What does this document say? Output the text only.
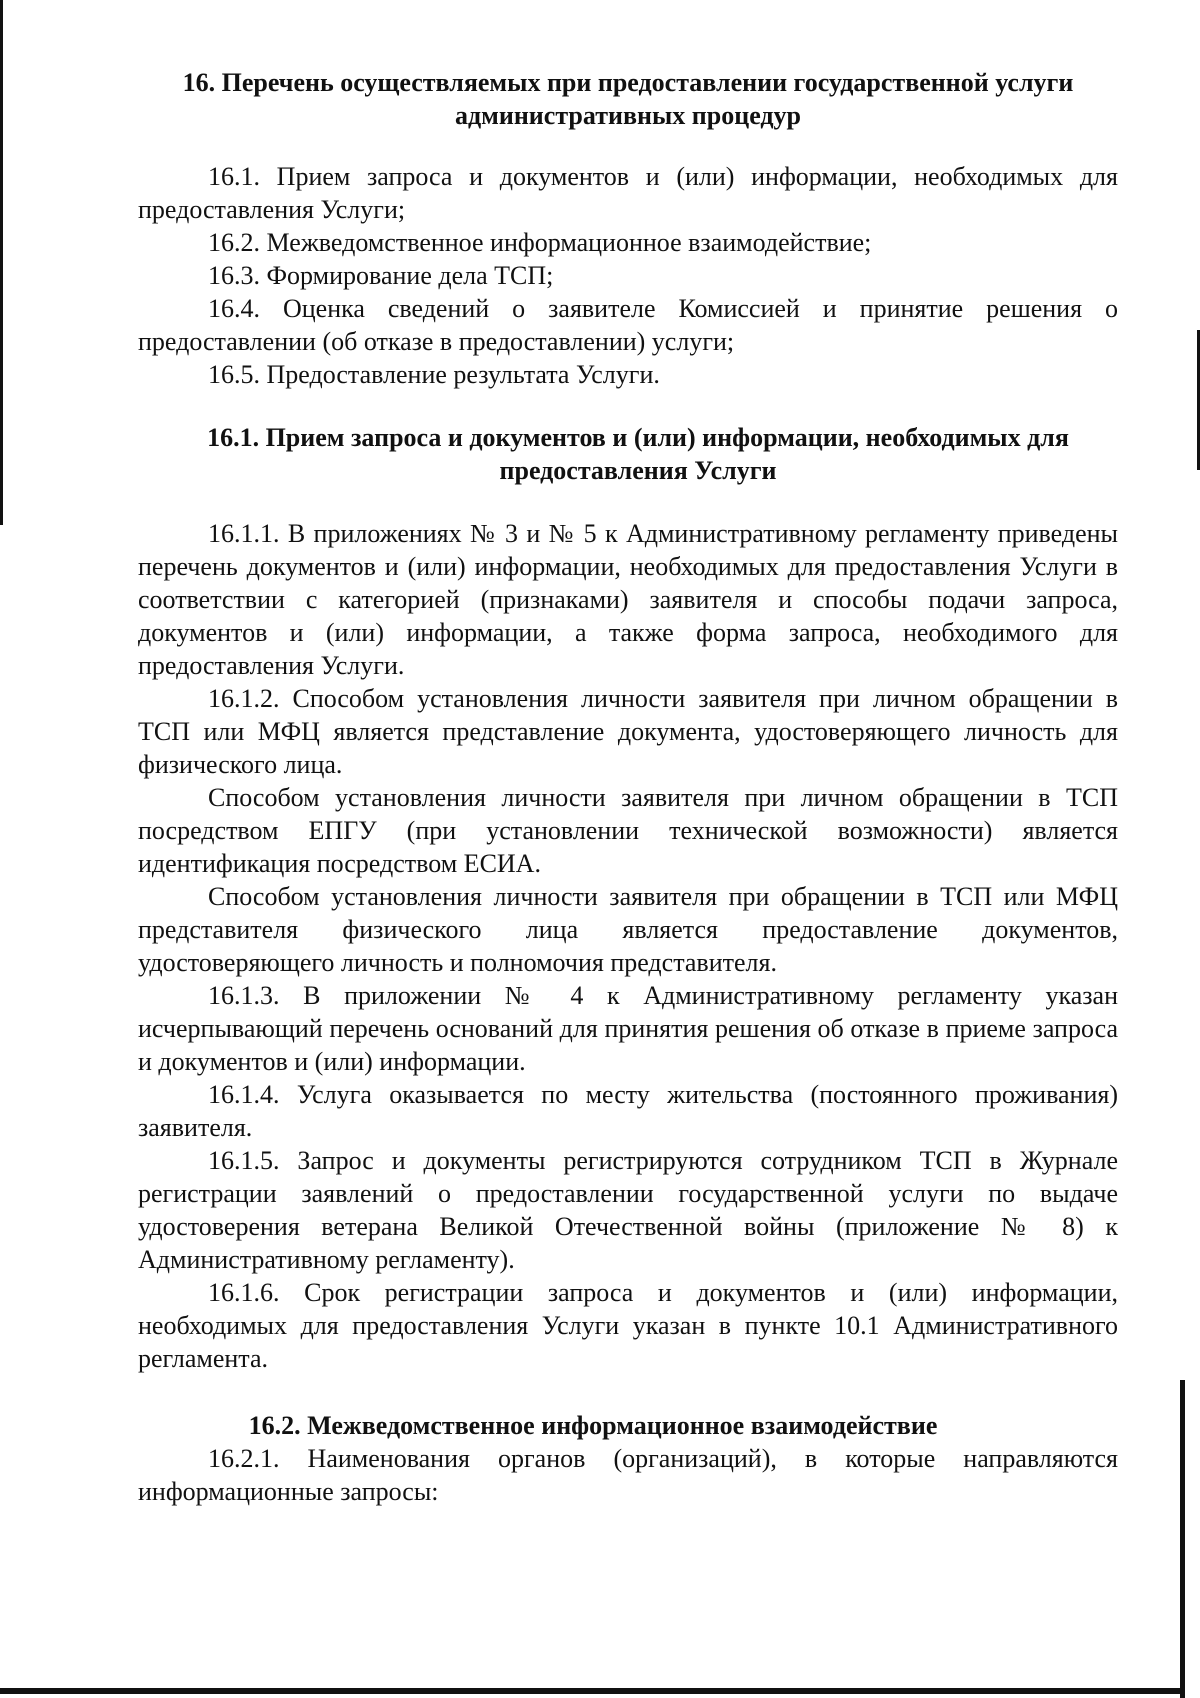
16. Перечень осуществляемых при предоставлении государственной услуги административных процедур

16.1. Прием запроса и документов и (или) информации, необходимых для предоставления Услуги;

16.2. Межведомственное информационное взаимодействие;

16.3. Формирование дела ТСП;

16.4. Оценка сведений о заявителе Комиссией и принятие решения о предоставлении (об отказе в предоставлении) услуги;

16.5. Предоставление результата Услуги.

16.1. Прием запроса и документов и (или) информации, необходимых для предоставления Услуги

16.1.1. В приложениях № 3 и № 5 к Административному регламенту приведены перечень документов и (или) информации, необходимых для предоставления Услуги в соответствии с категорией (признаками) заявителя и способы подачи запроса, документов и (или) информации, а также форма запроса, необходимого для предоставления Услуги.

16.1.2. Способом установления личности заявителя при личном обращении в ТСП или МФЦ является представление документа, удостоверяющего личность для физического лица.

Способом установления личности заявителя при личном обращении в ТСП посредством ЕПГУ (при установлении технической возможности) является идентификация посредством ЕСИА.

Способом установления личности заявителя при обращении в ТСП или МФЦ представителя физического лица является предоставление документов, удостоверяющего личность и полномочия представителя.

16.1.3. В приложении № 4 к Административному регламенту указан исчерпывающий перечень оснований для принятия решения об отказе в приеме запроса и документов и (или) информации.

16.1.4. Услуга оказывается по месту жительства (постоянного проживания) заявителя.

16.1.5. Запрос и документы регистрируются сотрудником ТСП в Журнале регистрации заявлений о предоставлении государственной услуги по выдаче удостоверения ветерана Великой Отечественной войны (приложение № 8) к Административному регламенту).

16.1.6. Срок регистрации запроса и документов и (или) информации, необходимых для предоставления Услуги указан в пункте 10.1 Административного регламента.

16.2. Межведомственное информационное взаимодействие

16.2.1. Наименования органов (организаций), в которые направляются информационные запросы:
